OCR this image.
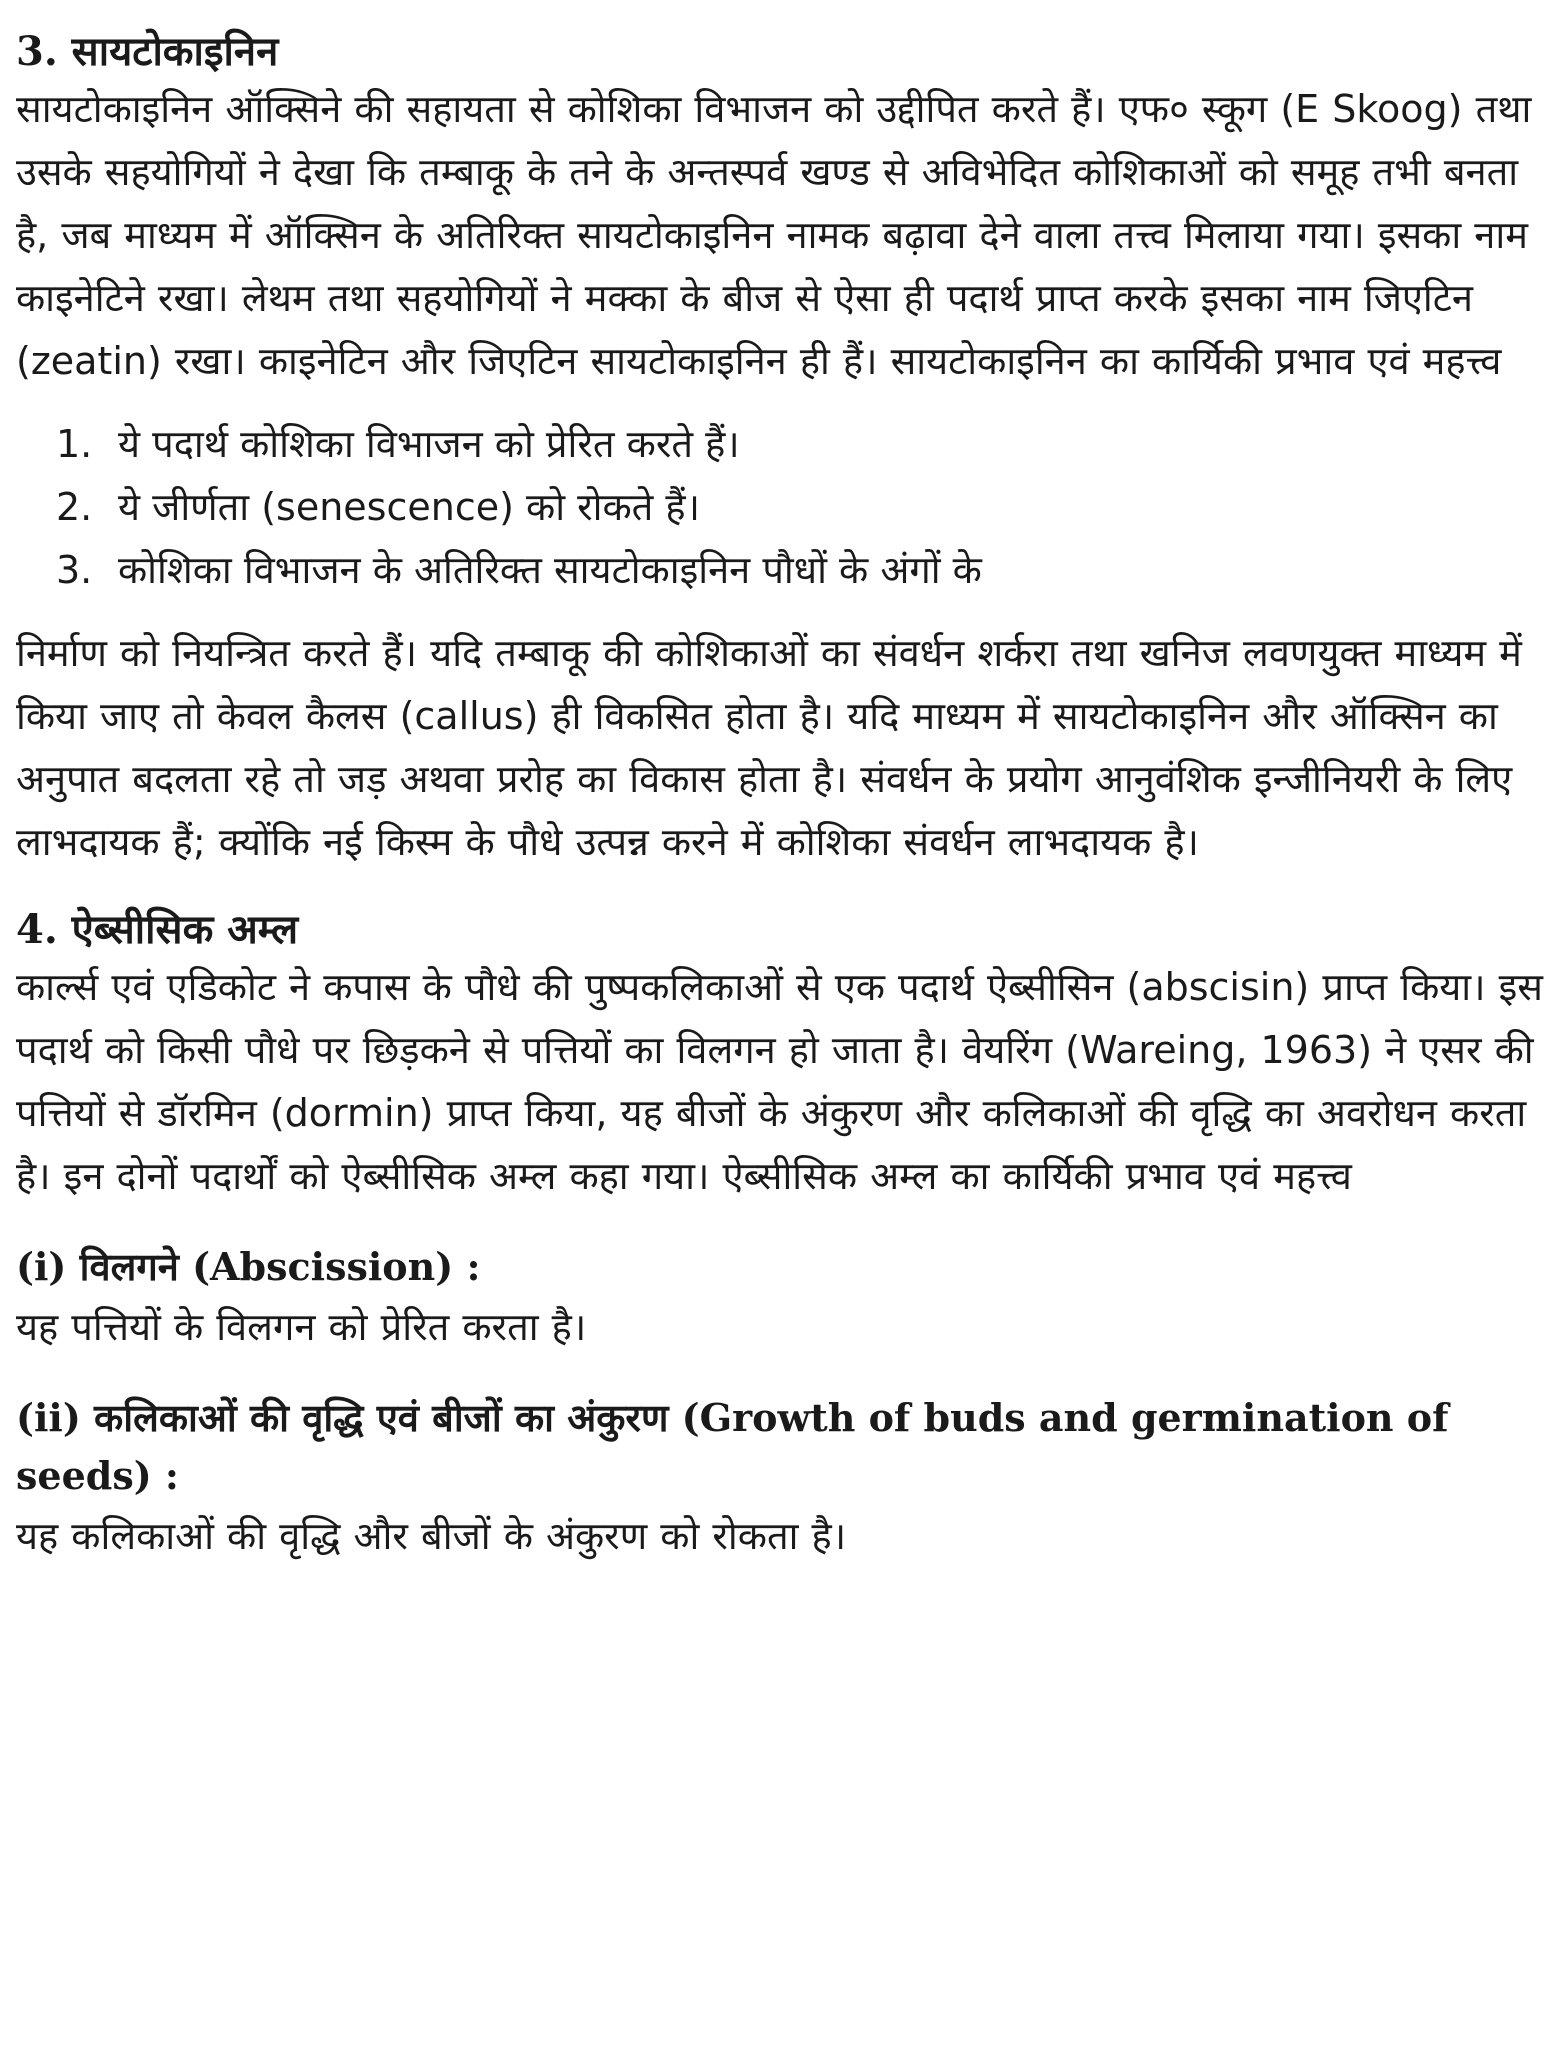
3. सायटोकाइनिन

सायटोकाइनिन ऑक्सिने की सहायता से कोशिका विभाजन को उद्दीपित करते हैं। एफ० स्कूग (E Skoog) तथा उसके सहयोगियों ने देखा कि तम्बाकू के तने के अन्तस्पर्व खण्ड से अविभेदित कोशिकाओं को समूह तभी बनता है, जब माध्यम में ऑक्सिन के अतिरिक्त सायटोकाइनिन नामक बढ़ावा देने वाला तत्त्व मिलाया गया। इसका नाम काइनेटिने रखा। लेथम तथा सहयोगियों ने मक्का के बीज से ऐसा ही पदार्थ प्राप्त करके इसका नाम जिएटिन (zeatin) रखा। काइनेटिन और जिएटिन सायटोकाइनिन ही हैं। सायटोकाइनिन का कार्यिकी प्रभाव एवं महत्त्व

1. ये पदार्थ कोशिका विभाजन को प्रेरित करते हैं।
2. ये जीर्णता (senescence) को रोकते हैं।
3. कोशिका विभाजन के अतिरिक्त सायटोकाइनिन पौधों के अंगों के

निर्माण को नियन्त्रित करते हैं। यदि तम्बाकू की कोशिकाओं का संवर्धन शर्करा तथा खनिज लवणयुक्त माध्यम में किया जाए तो केवल कैलस (callus) ही विकसित होता है। यदि माध्यम में सायटोकाइनिन और ऑक्सिन का अनुपात बदलता रहे तो जड़ अथवा प्ररोह का विकास होता है। संवर्धन के प्रयोग आनुवंशिक इन्जीनियरी के लिए लाभदायक हैं; क्योंकि नई किस्म के पौधे उत्पन्न करने में कोशिका संवर्धन लाभदायक है।

4. ऐब्सीसिक अम्ल

कार्ल्स एवं एडिकोट ने कपास के पौधे की पुष्पकलिकाओं से एक पदार्थ ऐब्सीसिन (abscisin) प्राप्त किया। इस पदार्थ को किसी पौधे पर छिड़कने से पत्तियों का विलगन हो जाता है। वेयरिंग (Wareing, 1963) ने एसर की पत्तियों से डॉरमिन (dormin) प्राप्त किया, यह बीजों के अंकुरण और कलिकाओं की वृद्धि का अवरोधन करता है। इन दोनों पदार्थों को ऐब्सीसिक अम्ल कहा गया। ऐब्सीसिक अम्ल का कार्यिकी प्रभाव एवं महत्त्व

(i) विलगने (Abscission) :

यह पत्तियों के विलगन को प्रेरित करता है।

(ii) कलिकाओं की वृद्धि एवं बीजों का अंकुरण (Growth of buds and germination of seeds) :

यह कलिकाओं की वृद्धि और बीजों के अंकुरण को रोकता है।
